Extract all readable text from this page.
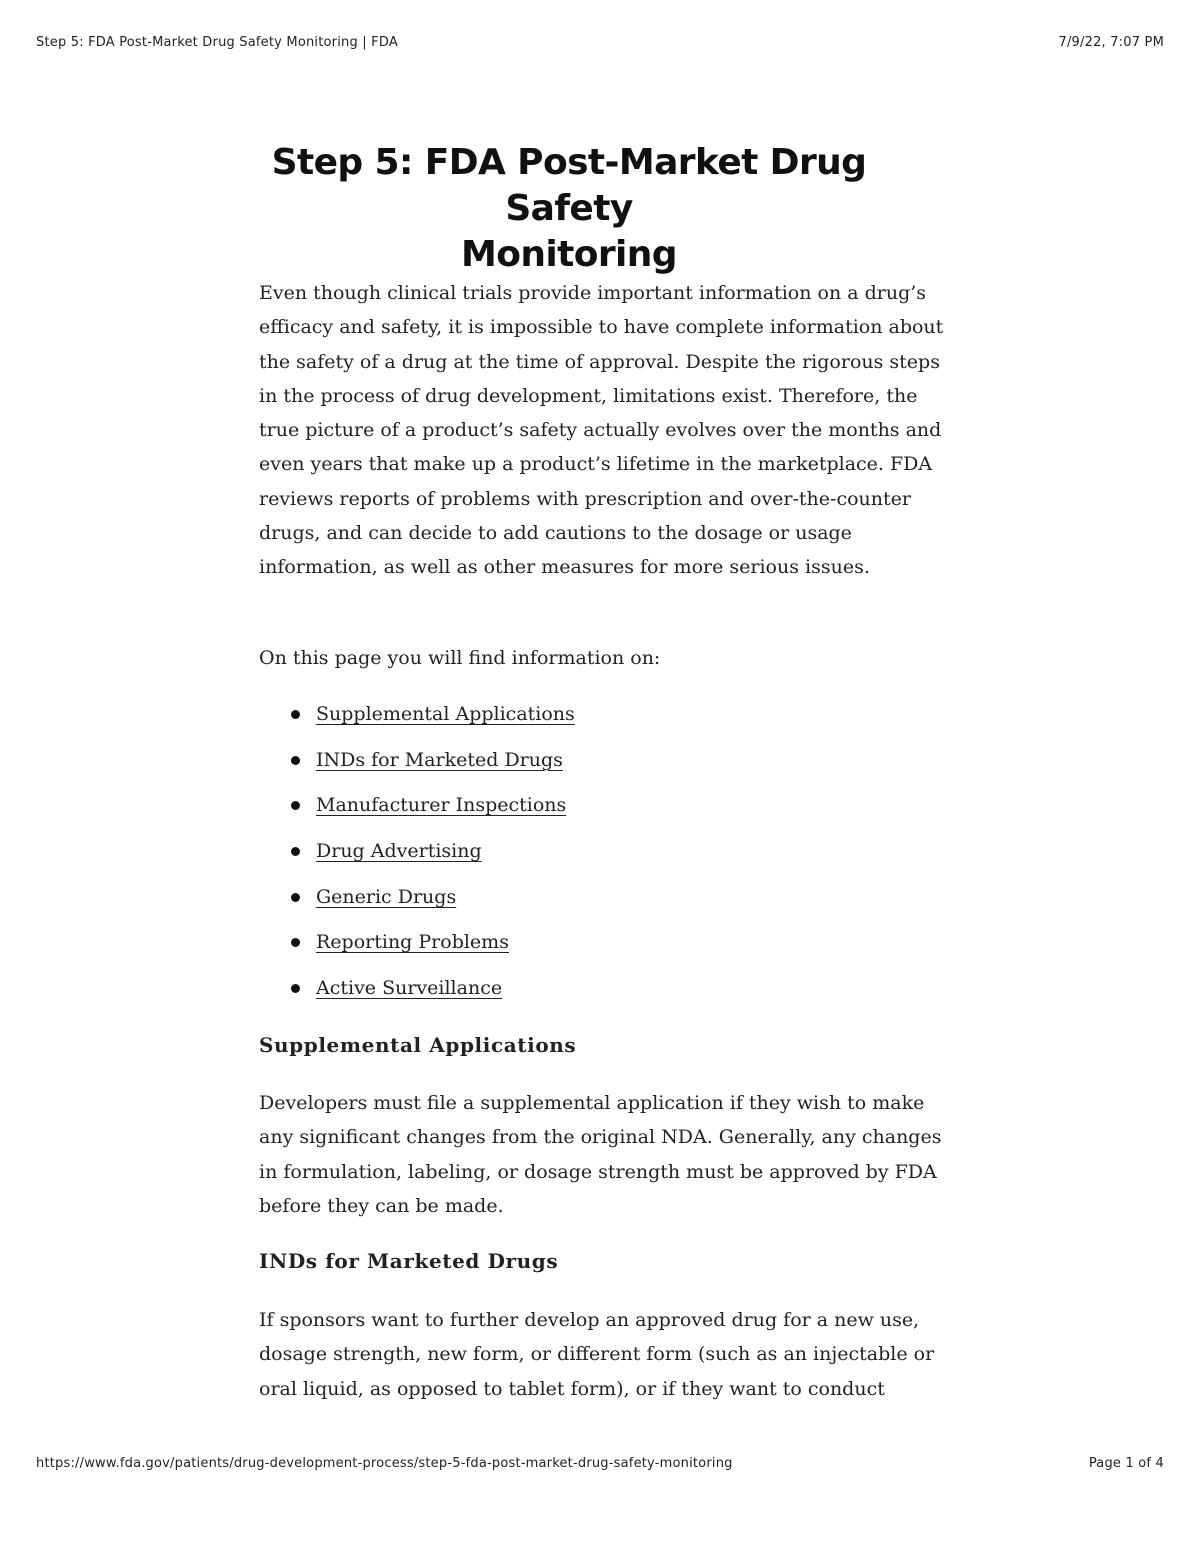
Step 5: FDA Post-Market Drug Safety Monitoring | FDA	7/9/22, 7:07 PM
Step 5: FDA Post-Market Drug Safety
Monitoring

Even though clinical trials provide important information on a drug’s efficacy and safety, it is impossible to have complete information about the safety of a drug at the time of approval. Despite the rigorous steps in the process of drug development, limitations exist. Therefore, the true picture of a product’s safety actually evolves over the months and even years that make up a product’s lifetime in the marketplace. FDA reviews reports of problems with prescription and over-the-counter drugs, and can decide to add cautions to the dosage or usage information, as well as other measures for more serious issues.

On this page you will find information on:

Supplemental Applications
INDs for Marketed Drugs
Manufacturer Inspections
Drug Advertising
Generic Drugs
Reporting Problems
Active Surveillance
Supplemental Applications

Developers must file a supplemental application if they wish to make any significant changes from the original NDA. Generally, any changes in formulation, labeling, or dosage strength must be approved by FDA before they can be made.

INDs for Marketed Drugs

If sponsors want to further develop an approved drug for a new use, dosage strength, new form, or different form (such as an injectable or oral liquid, as opposed to tablet form), or if they want to conduct

https://www.fda.gov/patients/drug-development-process/step-5-fda-post-market-drug-safety-monitoring	Page 1 of 4
